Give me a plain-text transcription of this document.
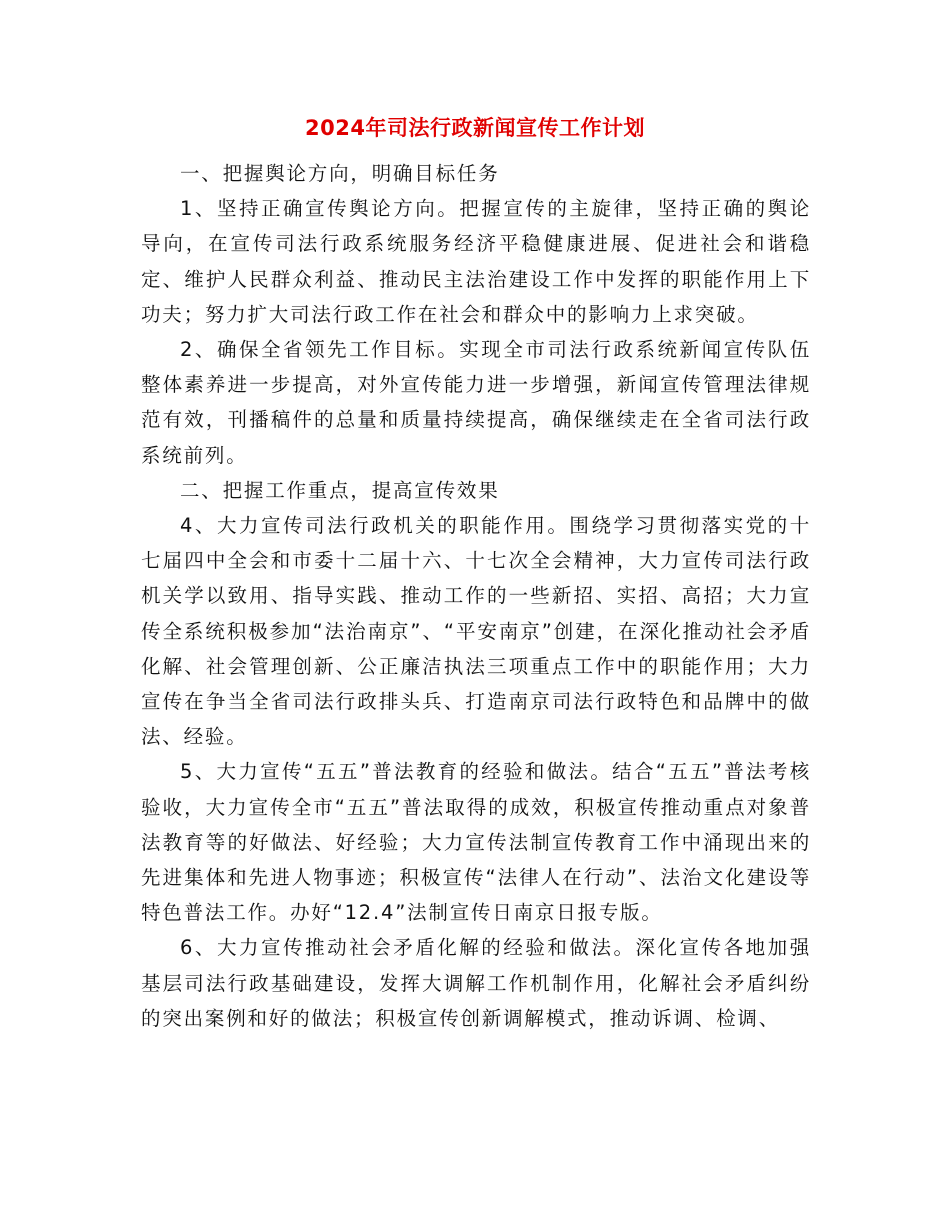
2024年司法行政新闻宣传工作计划

一、把握舆论方向，明确目标任务

1、坚持正确宣传舆论方向。把握宣传的主旋律，坚持正确的舆论导向，在宣传司法行政系统服务经济平稳健康进展、促进社会和谐稳定、维护人民群众利益、推动民主法治建设工作中发挥的职能作用上下功夫；努力扩大司法行政工作在社会和群众中的影响力上求突破。

2、确保全省领先工作目标。实现全市司法行政系统新闻宣传队伍整体素养进一步提高，对外宣传能力进一步增强，新闻宣传管理法律规范有效，刊播稿件的总量和质量持续提高，确保继续走在全省司法行政系统前列。

二、把握工作重点，提高宣传效果

4、大力宣传司法行政机关的职能作用。围绕学习贯彻落实党的十七届四中全会和市委十二届十六、十七次全会精神，大力宣传司法行政机关学以致用、指导实践、推动工作的一些新招、实招、高招；大力宣传全系统积极参加“法治南京”、“平安南京”创建，在深化推动社会矛盾化解、社会管理创新、公正廉洁执法三项重点工作中的职能作用；大力宣传在争当全省司法行政排头兵、打造南京司法行政特色和品牌中的做法、经验。

5、大力宣传“五五”普法教育的经验和做法。结合“五五”普法考核验收，大力宣传全市“五五”普法取得的成效，积极宣传推动重点对象普法教育等的好做法、好经验；大力宣传法制宣传教育工作中涌现出来的先进集体和先进人物事迹；积极宣传“法律人在行动”、法治文化建设等特色普法工作。办好“12.4”法制宣传日南京日报专版。

6、大力宣传推动社会矛盾化解的经验和做法。深化宣传各地加强基层司法行政基础建设，发挥大调解工作机制作用，化解社会矛盾纠纷的突出案例和好的做法；积极宣传创新调解模式，推动诉调、检调、
